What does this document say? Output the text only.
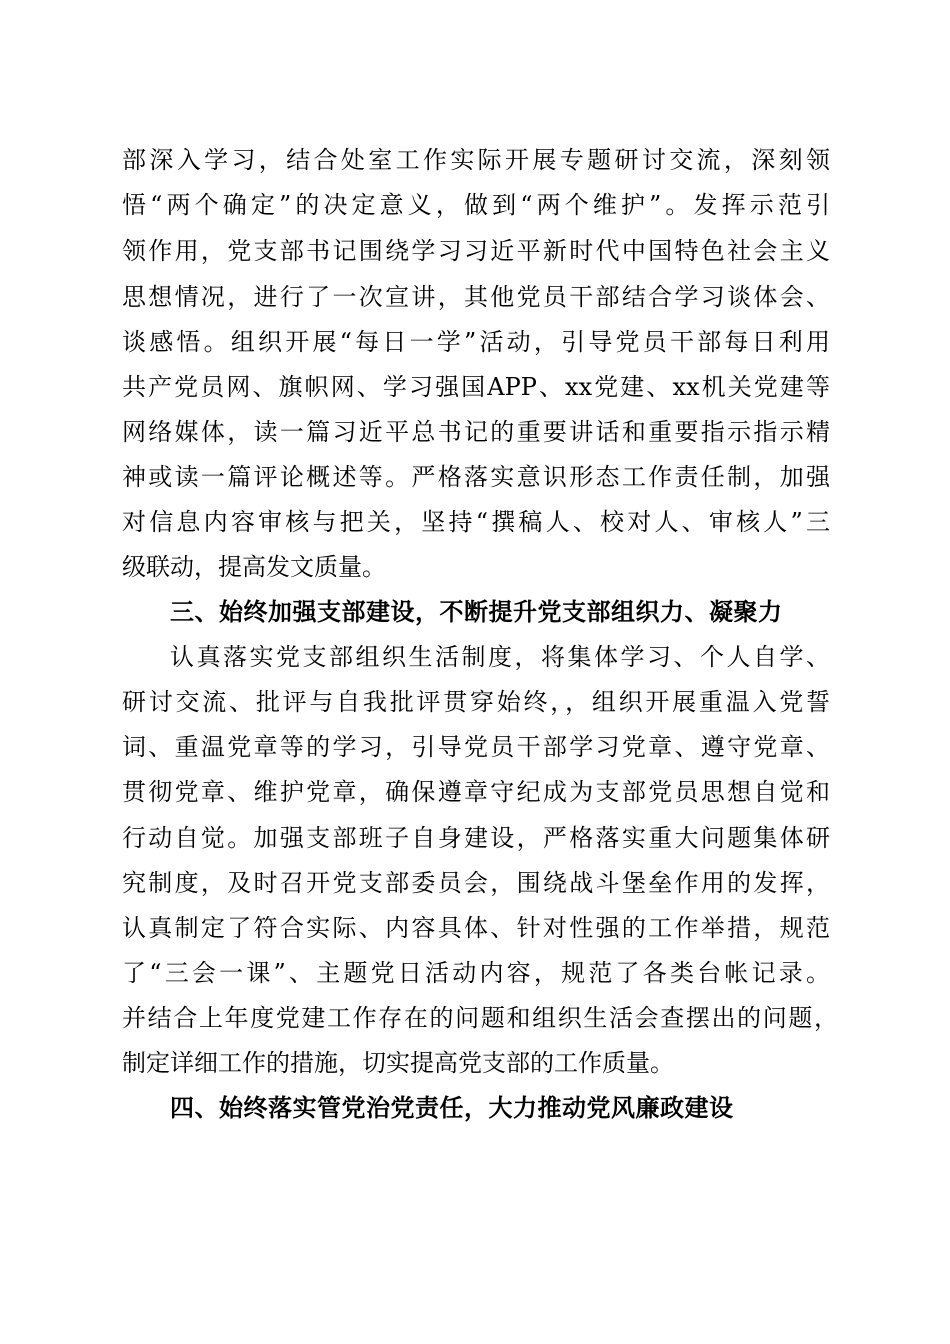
部深入学习，结合处室工作实际开展专题研讨交流，深刻领
悟“两个确定”的决定意义，做到“两个维护”。发挥示范引
领作用，党支部书记围绕学习习近平新时代中国特色社会主义
思想情况，进行了一次宣讲，其他党员干部结合学习谈体会、
谈感悟。组织开展“每日一学”活动，引导党员干部每日利用
共产党员网、旗帜网、学习强国APP、xx党建、xx机关党建等
网络媒体，读一篇习近平总书记的重要讲话和重要指示指示精
神或读一篇评论概述等。严格落实意识形态工作责任制，加强
对信息内容审核与把关，坚持“撰稿人、校对人、审核人”三
级联动，提高发文质量。
三、始终加强支部建设，不断提升党支部组织力、凝聚力
认真落实党支部组织生活制度，将集体学习、个人自学、
研讨交流、批评与自我批评贯穿始终，，组织开展重温入党誓
词、重温党章等的学习，引导党员干部学习党章、遵守党章、
贯彻党章、维护党章，确保遵章守纪成为支部党员思想自觉和
行动自觉。加强支部班子自身建设，严格落实重大问题集体研
究制度，及时召开党支部委员会，围绕战斗堡垒作用的发挥，
认真制定了符合实际、内容具体、针对性强的工作举措，规范
了“三会一课”、主题党日活动内容，规范了各类台帐记录。
并结合上年度党建工作存在的问题和组织生活会查摆出的问题，
制定详细工作的措施，切实提高党支部的工作质量。
四、始终落实管党治党责任，大力推动党风廉政建设
